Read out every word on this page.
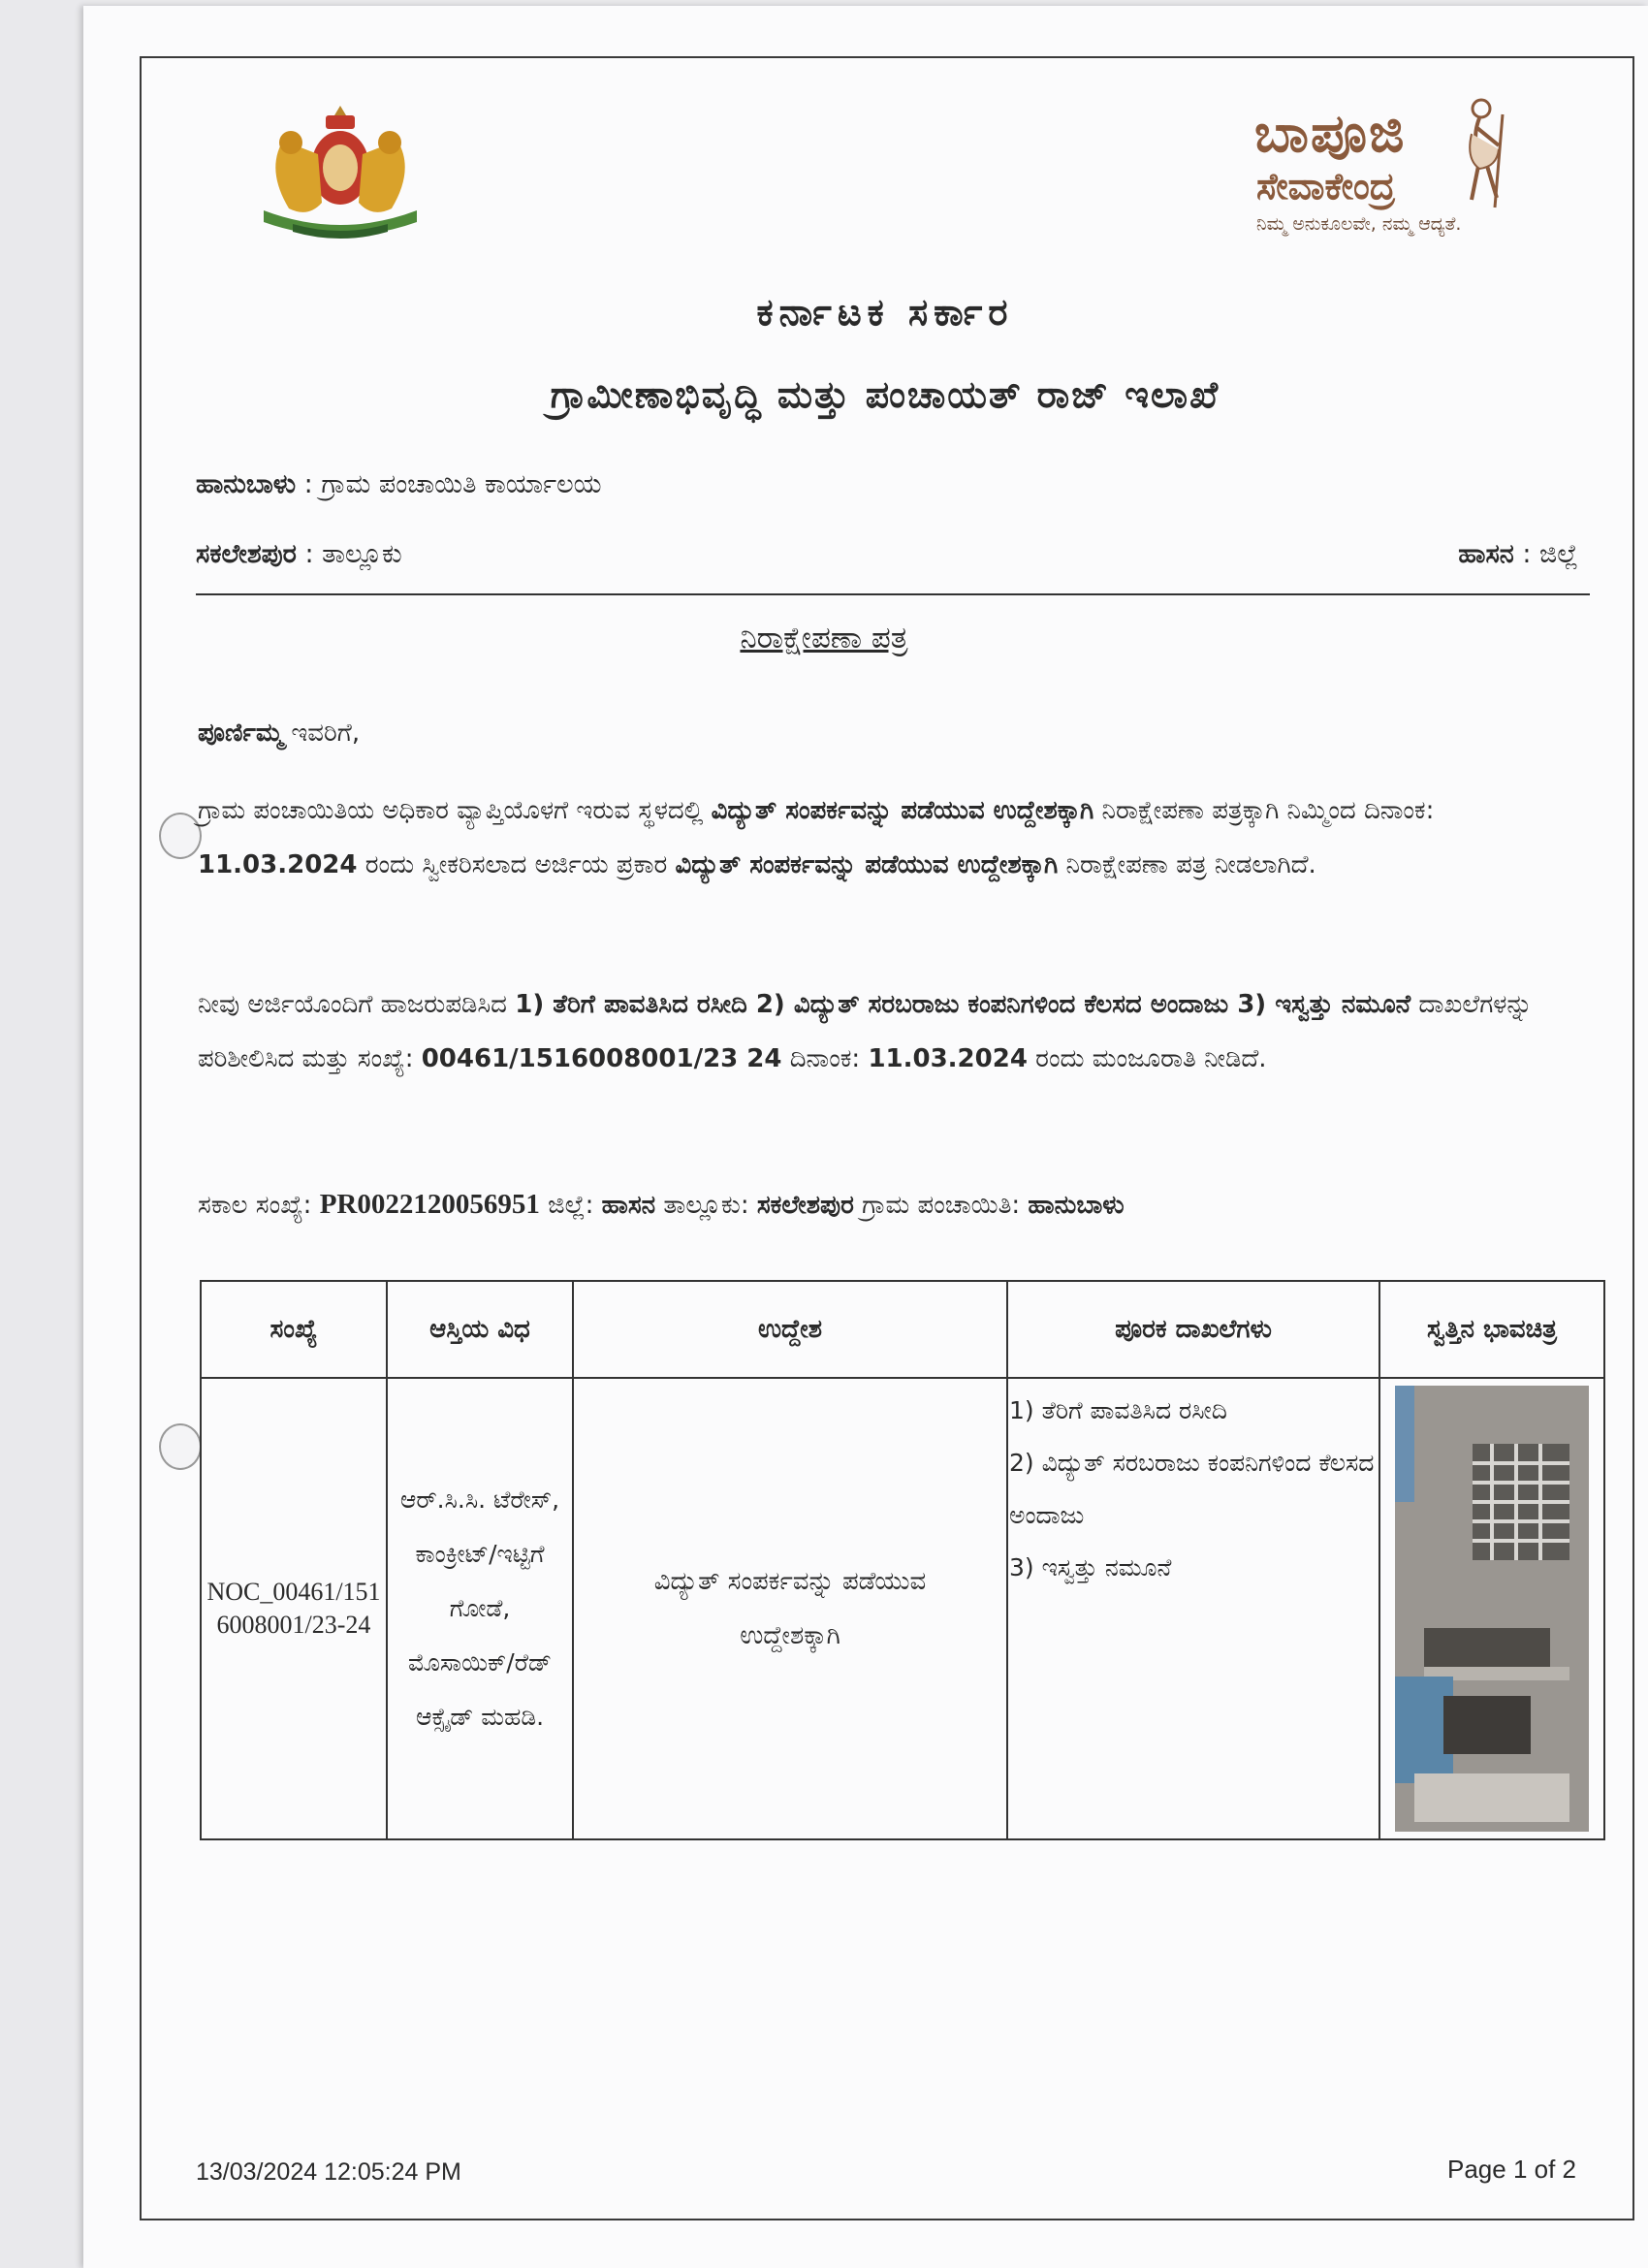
ಬಾಪೂಜಿ
ಸೇವಾಕೇಂದ್ರ
ನಿಮ್ಮ ಅನುಕೂಲವೇ, ನಮ್ಮ ಆದ್ಯತೆ.
ಕರ್ನಾಟಕ ಸರ್ಕಾರ
ಗ್ರಾಮೀಣಾಭಿವೃದ್ಧಿ ಮತ್ತು ಪಂಚಾಯತ್ ರಾಜ್ ಇಲಾಖೆ
ಹಾನುಬಾಳು : ಗ್ರಾಮ ಪಂಚಾಯಿತಿ ಕಾರ್ಯಾಲಯ
ಸಕಲೇಶಪುರ : ತಾಲ್ಲೂಕು	ಹಾಸನ : ಜಿಲ್ಲೆ
ನಿರಾಕ್ಷೇಪಣಾ ಪತ್ರ
ಪೂರ್ಣಿಮ್ಮ ಇವರಿಗೆ,
ಗ್ರಾಮ ಪಂಚಾಯಿತಿಯ ಅಧಿಕಾರ ವ್ಯಾಪ್ತಿಯೊಳಗೆ ಇರುವ ಸ್ಥಳದಲ್ಲಿ ವಿದ್ಯುತ್ ಸಂಪರ್ಕವನ್ನು ಪಡೆಯುವ ಉದ್ದೇಶಕ್ಕಾಗಿ ನಿರಾಕ್ಷೇಪಣಾ ಪತ್ರಕ್ಕಾಗಿ ನಿಮ್ಮಿಂದ ದಿನಾಂಕ: 11.03.2024 ರಂದು ಸ್ವೀಕರಿಸಲಾದ ಅರ್ಜಿಯ ಪ್ರಕಾರ ವಿದ್ಯುತ್ ಸಂಪರ್ಕವನ್ನು ಪಡೆಯುವ ಉದ್ದೇಶಕ್ಕಾಗಿ ನಿರಾಕ್ಷೇಪಣಾ ಪತ್ರ ನೀಡಲಾಗಿದೆ.
ನೀವು ಅರ್ಜಿಯೊಂದಿಗೆ ಹಾಜರುಪಡಿಸಿದ 1) ತೆರಿಗೆ ಪಾವತಿಸಿದ ರಸೀದಿ 2) ವಿದ್ಯುತ್ ಸರಬರಾಜು ಕಂಪನಿಗಳಿಂದ ಕೆಲಸದ ಅಂದಾಜು 3) ಇಸ್ವತ್ತು ನಮೂನೆ ದಾಖಲೆಗಳನ್ನು ಪರಿಶೀಲಿಸಿದ ಮತ್ತು ಸಂಖ್ಯೆ: 00461/1516008001/23 24 ದಿನಾಂಕ: 11.03.2024 ರಂದು ಮಂಜೂರಾತಿ ನೀಡಿದೆ.
ಸಕಾಲ ಸಂಖ್ಯೆ: PR0022120056951 ಜಿಲ್ಲೆ: ಹಾಸನ ತಾಲ್ಲೂಕು: ಸಕಲೇಶಪುರ ಗ್ರಾಮ ಪಂಚಾಯಿತಿ: ಹಾನುಬಾಳು
ಸಂಖ್ಯೆ	ಆಸ್ತಿಯ ವಿಧ	ಉದ್ದೇಶ	ಪೂರಕ ದಾಖಲೆಗಳು	ಸ್ವತ್ತಿನ ಭಾವಚಿತ್ರ
NOC_00461/1516008001/23-24	ಆರ್.ಸಿ.ಸಿ. ಟೆರೇಸ್, ಕಾಂಕ್ರೀಟ್/ಇಟ್ಟಿಗೆ ಗೋಡೆ, ಮೊಸಾಯಿಕ್/ರೆಡ್ ಆಕ್ಸೈಡ್ ಮಹಡಿ.	ವಿದ್ಯುತ್ ಸಂಪರ್ಕವನ್ನು ಪಡೆಯುವ ಉದ್ದೇಶಕ್ಕಾಗಿ	1) ತೆರಿಗೆ ಪಾವತಿಸಿದ ರಸೀದಿ
2) ವಿದ್ಯುತ್ ಸರಬರಾಜು ಕಂಪನಿಗಳಿಂದ ಕೆಲಸದ ಅಂದಾಜು
3) ಇಸ್ವತ್ತು ನಮೂನೆ

13/03/2024 12:05:24 PM	Page 1 of 2
